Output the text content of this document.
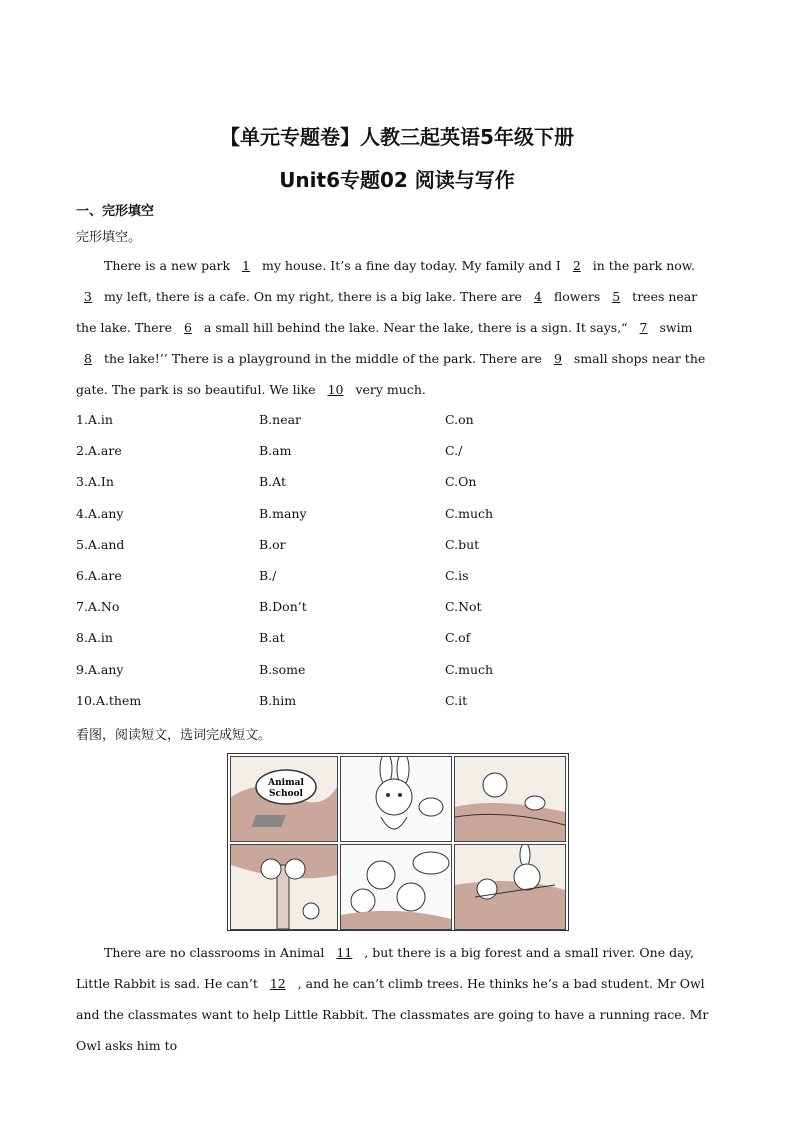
【单元专题卷】人教三起英语5年级下册
Unit6专题02 阅读与写作
一、完形填空
完形填空。
There is a new park 1 my house. It’s a fine day today. My family and I 2 in the park now. 3 my left, there is a cafe. On my right, there is a big lake. There are 4 flowers 5 trees near the lake. There 6 a small hill behind the lake. Near the lake, there is a sign. It says,“ 7 swim 8 the lake!’’ There is a playground in the middle of the park. There are 9 small shops near the gate. The park is so beautiful. We like 10 very much.
1.A.in	B.near	C.on
2.A.are	B.am	C./
3.A.In	B.At	C.On
4.A.any	B.many	C.much
5.A.and	B.or	C.but
6.A.are	B./	C.is
7.A.No	B.Don’t	C.Not
8.A.in	B.at	C.of
9.A.any	B.some	C.much
10.A.them	B.him	C.it
看图，阅读短文，选词完成短文。
Animal
School
There are no classrooms in Animal 11 , but there is a big forest and a small river. One day, Little Rabbit is sad. He can’t 12 , and he can’t climb trees. He thinks he’s a bad student. Mr Owl and the classmates want to help Little Rabbit. The classmates are going to have a running race. Mr Owl asks him to
